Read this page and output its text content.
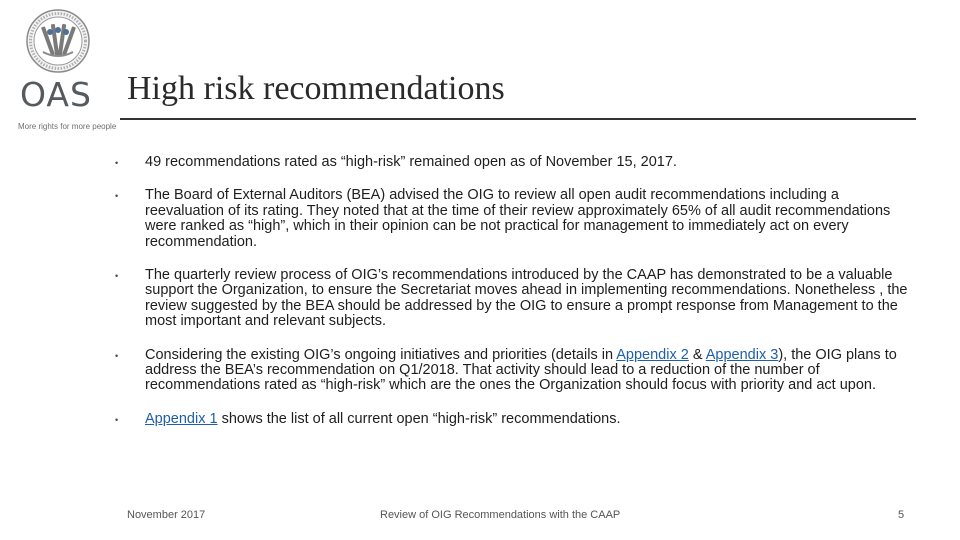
OAS
More rights for more people
High risk recommendations
• 49 recommendations rated as “high-risk” remained open as of November 15, 2017.
• The Board of External Auditors (BEA) advised the OIG to review all open audit recommendations including a reevaluation of its rating. They noted that at the time of their review approximately 65% of all audit recommendations were ranked as “high”, which in their opinion can be not practical for management to immediately act on every recommendation.
• The quarterly review process of OIG’s recommendations introduced by the CAAP has demonstrated to be a valuable support the Organization, to ensure the Secretariat moves ahead in implementing recommendations. Nonetheless , the review suggested by the BEA should be addressed by the OIG to ensure a prompt response from Management to the most important and relevant subjects.
• Considering the existing OIG’s ongoing initiatives and priorities (details in Appendix 2 & Appendix 3), the OIG plans to address the BEA’s recommendation on Q1/2018. That activity should lead to a reduction of the number of recommendations rated as “high-risk” which are the ones the Organization should focus with priority and act upon.
• Appendix 1 shows the list of all current open “high-risk” recommendations.
November 2017	Review of OIG Recommendations with the CAAP	5
